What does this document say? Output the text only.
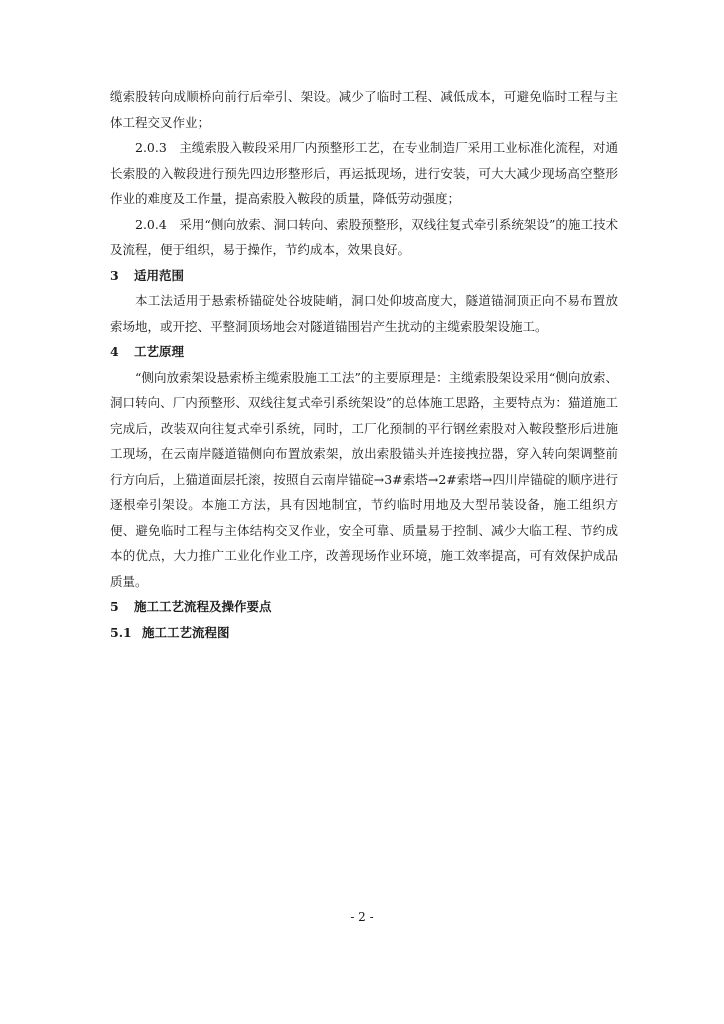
缆索股转向成顺桥向前行后牵引、架设。减少了临时工程、减低成本，可避免临时工程与主体工程交叉作业；

2.0.3　主缆索股入鞍段采用厂内预整形工艺，在专业制造厂采用工业标准化流程，对通长索股的入鞍段进行预先四边形整形后，再运抵现场，进行安装，可大大减少现场高空整形作业的难度及工作量，提高索股入鞍段的质量，降低劳动强度；

2.0.4　采用“侧向放索、洞口转向、索股预整形，双线往复式牵引系统架设”的施工技术及流程，便于组织，易于操作，节约成本，效果良好。

3 适用范围

本工法适用于悬索桥锚碇处谷坡陡峭，洞口处仰坡高度大，隧道锚洞顶正向不易布置放索场地，或开挖、平整洞顶场地会对隧道锚围岩产生扰动的主缆索股架设施工。

4 工艺原理

“侧向放索架设悬索桥主缆索股施工工法”的主要原理是：主缆索股架设采用“侧向放索、洞口转向、厂内预整形、双线往复式牵引系统架设”的总体施工思路，主要特点为：猫道施工完成后，改装双向往复式牵引系统，同时，工厂化预制的平行钢丝索股对入鞍段整形后进施工现场，在云南岸隧道锚侧向布置放索架，放出索股锚头并连接拽拉器，穿入转向架调整前行方向后，上猫道面层托滚，按照自云南岸锚碇→3#索塔→2#索塔→四川岸锚碇的顺序进行逐根牵引架设。本施工方法，具有因地制宜，节约临时用地及大型吊装设备，施工组织方便、避免临时工程与主体结构交叉作业，安全可靠、质量易于控制、减少大临工程、节约成本的优点，大力推广工业化作业工序，改善现场作业环境，施工效率提高，可有效保护成品质量。

5 施工工艺流程及操作要点

5.1 施工工艺流程图

- 2 -
